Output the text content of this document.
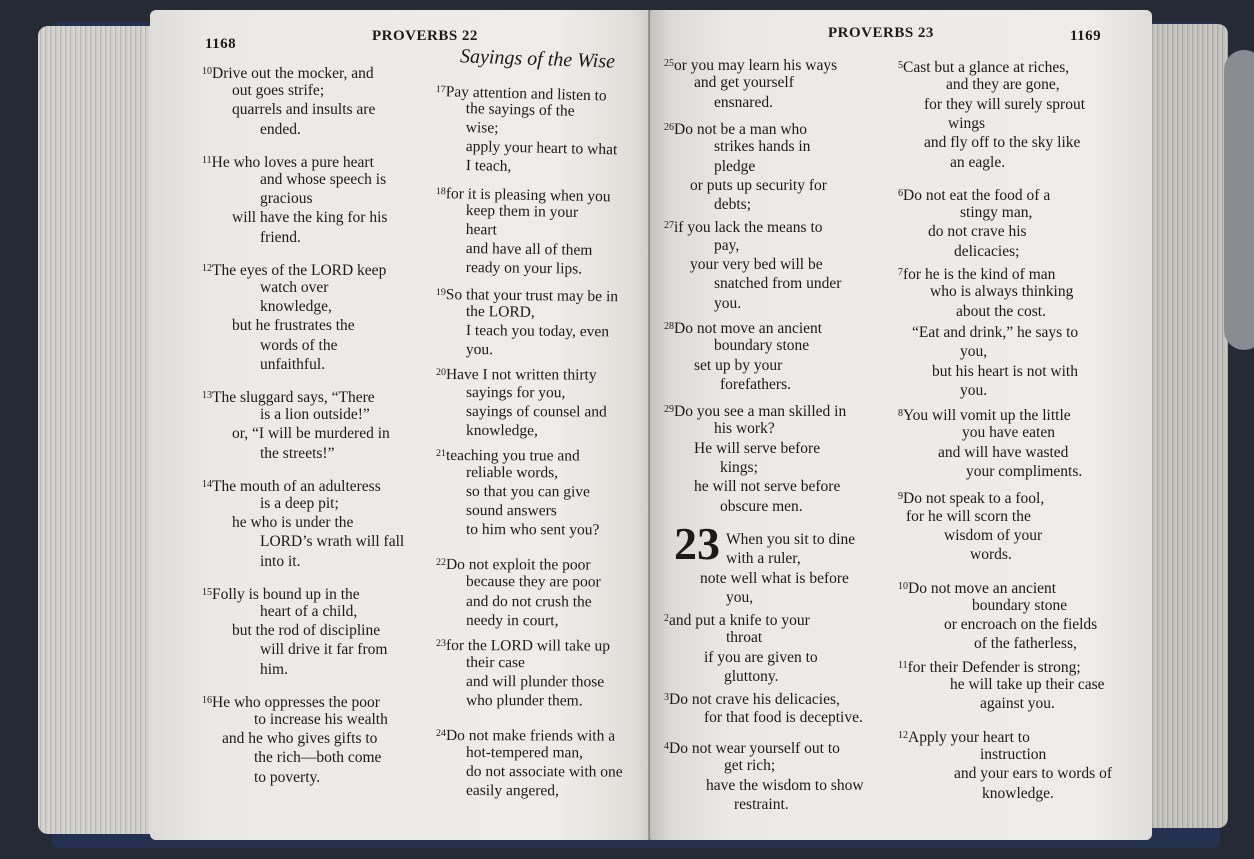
1168	PROVERBS 22
Sayings of the Wise
$^{10}$Drive out the mocker, and
out goes strife;
quarrels and insults are
ended.
$^{11}$He who loves a pure heart
and whose speech is
gracious
will have the king for his
friend.
$^{12}$The eyes of the LORD keep
watch over
knowledge,
but he frustrates the
words of the
unfaithful.
$^{13}$The sluggard says, “There
is a lion outside!”
or, “I will be murdered in
the streets!”
$^{14}$The mouth of an adulteress
is a deep pit;
he who is under the
LORD’s wrath will fall
into it.
$^{15}$Folly is bound up in the
heart of a child,
but the rod of discipline
will drive it far from
him.
$^{16}$He who oppresses the poor
to increase his wealth
and he who gives gifts to
the rich—both come
to poverty.
$^{17}$Pay attention and listen to
the sayings of the
wise;
apply your heart to what
I teach,
$^{18}$for it is pleasing when you
keep them in your
heart
and have all of them
ready on your lips.
$^{19}$So that your trust may be in
the LORD,
I teach you today, even
you.
$^{20}$Have I not written thirty
sayings for you,
sayings of counsel and
knowledge,
$^{21}$teaching you true and
reliable words,
so that you can give
sound answers
to him who sent you?
$^{22}$Do not exploit the poor
because they are poor
and do not crush the
needy in court,
$^{23}$for the LORD will take up
their case
and will plunder those
who plunder them.
$^{24}$Do not make friends with a
hot-tempered man,
do not associate with one
easily angered,
PROVERBS 23	1169
23
$^{25}$or you may learn his ways
and get yourself
ensnared.
$^{26}$Do not be a man who
strikes hands in
pledge
or puts up security for
debts;
$^{27}$if you lack the means to
pay,
your very bed will be
snatched from under
you.
$^{28}$Do not move an ancient
boundary stone
set up by your
forefathers.
$^{29}$Do you see a man skilled in
his work?
He will serve before
kings;
he will not serve before
obscure men.
When you sit to dine
with a ruler,
note well what is before
you,
$^2$and put a knife to your
throat
if you are given to
gluttony.
$^3$Do not crave his delicacies,
for that food is deceptive.
$^4$Do not wear yourself out to
get rich;
have the wisdom to show
restraint.
$^5$Cast but a glance at riches,
and they are gone,
for they will surely sprout
wings
and fly off to the sky like
an eagle.
$^6$Do not eat the food of a
stingy man,
do not crave his
delicacies;
$^7$for he is the kind of man
who is always thinking
about the cost.
“Eat and drink,” he says to
you,
but his heart is not with
you.
$^8$You will vomit up the little
you have eaten
and will have wasted
your compliments.
$^9$Do not speak to a fool,
for he will scorn the
wisdom of your
words.
$^{10}$Do not move an ancient
boundary stone
or encroach on the fields
of the fatherless,
$^{11}$for their Defender is strong;
he will take up their case
against you.
$^{12}$Apply your heart to
instruction
and your ears to words of
knowledge.
